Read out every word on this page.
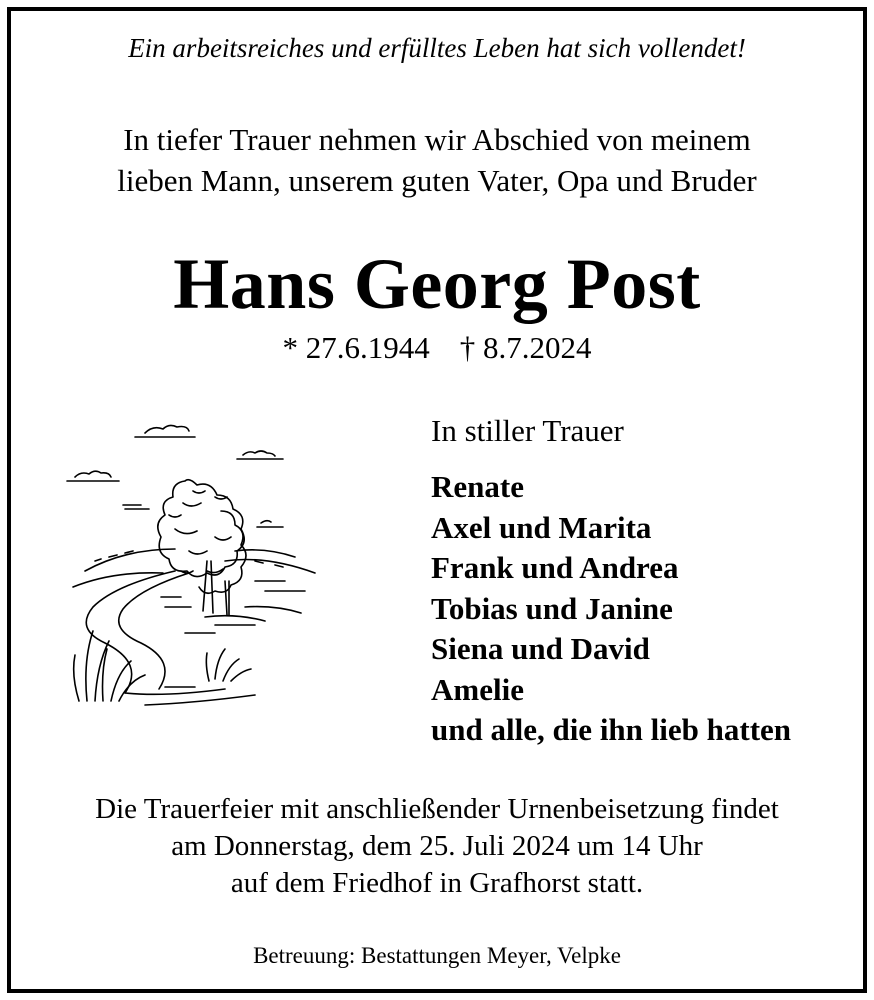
Ein arbeitsreiches und erfülltes Leben hat sich vollendet!
In tiefer Trauer nehmen wir Abschied von meinem
lieben Mann, unserem guten Vater, Opa und Bruder
Hans Georg Post
* 27.6.1944 † 8.7.2024
In stiller Trauer
Renate
Axel und Marita
Frank und Andrea
Tobias und Janine
Siena und David
Amelie
und alle, die ihn lieb hatten
Die Trauerfeier mit anschließender Urnenbeisetzung findet
am Donnerstag, dem 25. Juli 2024 um 14 Uhr
auf dem Friedhof in Grafhorst statt.
Betreuung: Bestattungen Meyer, Velpke
